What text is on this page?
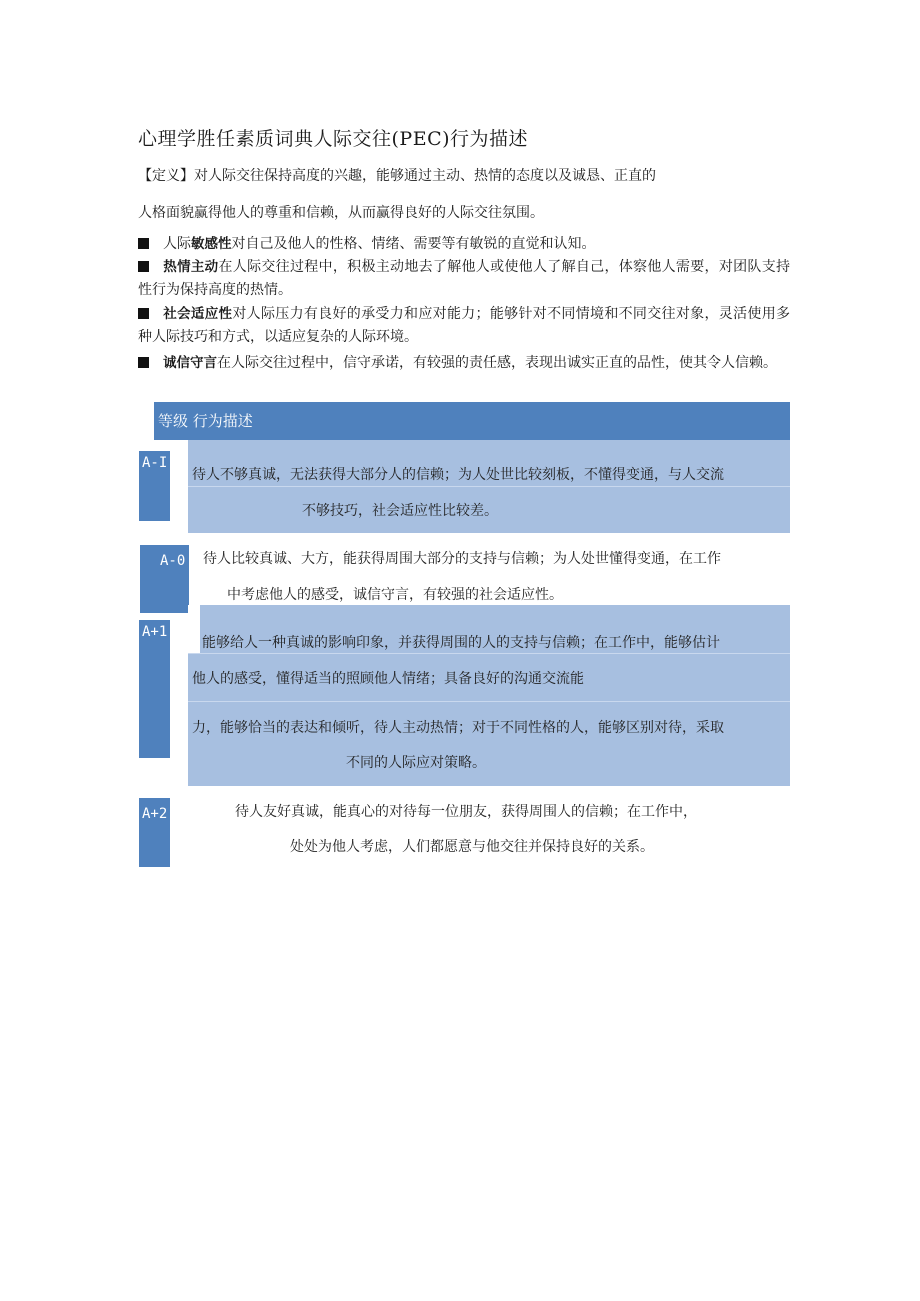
心理学胜任素质词典人际交往(PEC)行为描述
【定义】对人际交往保持高度的兴趣，能够通过主动、热情的态度以及诚恳、正直的
人格面貌赢得他人的尊重和信赖，从而赢得良好的人际交往氛围。
人际敏感性对自己及他人的性格、情绪、需要等有敏锐的直觉和认知。
热情主动在人际交往过程中，积极主动地去了解他人或使他人了解自己，体察他人需要，对团队支持性行为保持高度的热情。
社会适应性对人际压力有良好的承受力和应对能力；能够针对不同情境和不同交往对象，灵活使用多种人际技巧和方式，以适应复杂的人际环境。
诚信守言在人际交往过程中，信守承诺，有较强的责任感，表现出诚实正直的品性，使其令人信赖。
等级 行为描述
A-I
待人不够真诚，无法获得大部分人的信赖；为人处世比较刻板，不懂得变通，与人交流
不够技巧，社会适应性比较差。
A-0 待人比较真诚、大方，能获得周围大部分的支持与信赖；为人处世懂得变通，在工作
中考虑他人的感受，诚信守言，有较强的社会适应性。
A+1
能够给人一种真诚的影响印象，并获得周围的人的支持与信赖；在工作中，能够估计
他人的感受，懂得适当的照顾他人情绪；具备良好的沟通交流能
力，能够恰当的表达和倾听，待人主动热情；对于不同性格的人，能够区别对待，采取
不同的人际应对策略。
A+2	待人友好真诚，能真心的对待每一位朋友，获得周围人的信赖；在工作中，
处处为他人考虑，人们都愿意与他交往并保持良好的关系。
